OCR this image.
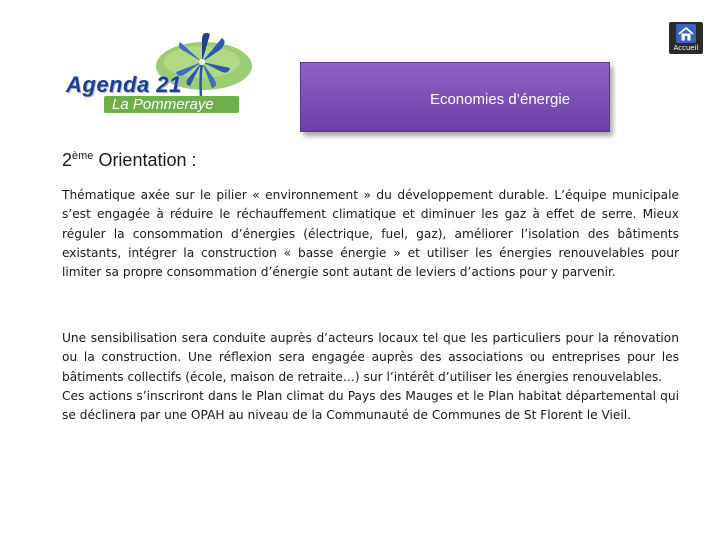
Agenda 21
La Pommeraye	Economies d’énergie
Accueil
2ème Orientation :

Thématique axée sur le pilier « environnement » du développement durable. L’équipe municipale s’est engagée à réduire le réchauffement climatique et diminuer les gaz à effet de serre. Mieux réguler la consommation d’énergies (électrique, fuel, gaz), améliorer l’isolation des bâtiments existants, intégrer la construction « basse énergie » et utiliser les énergies renouvelables pour limiter sa propre consommation d’énergie sont autant de leviers d’actions pour y parvenir.

Une sensibilisation sera conduite auprès d’acteurs locaux tel que les particuliers pour la rénovation ou la construction. Une réflexion sera engagée auprès des associations ou entreprises pour les bâtiments collectifs (école, maison de retraite…) sur l’intérêt d’utiliser les énergies renouvelables.

Ces actions s’inscriront dans le Plan climat du Pays des Mauges et le Plan habitat départemental qui se déclinera par une OPAH au niveau de la Communauté de Communes de St Florent le Vieil.
